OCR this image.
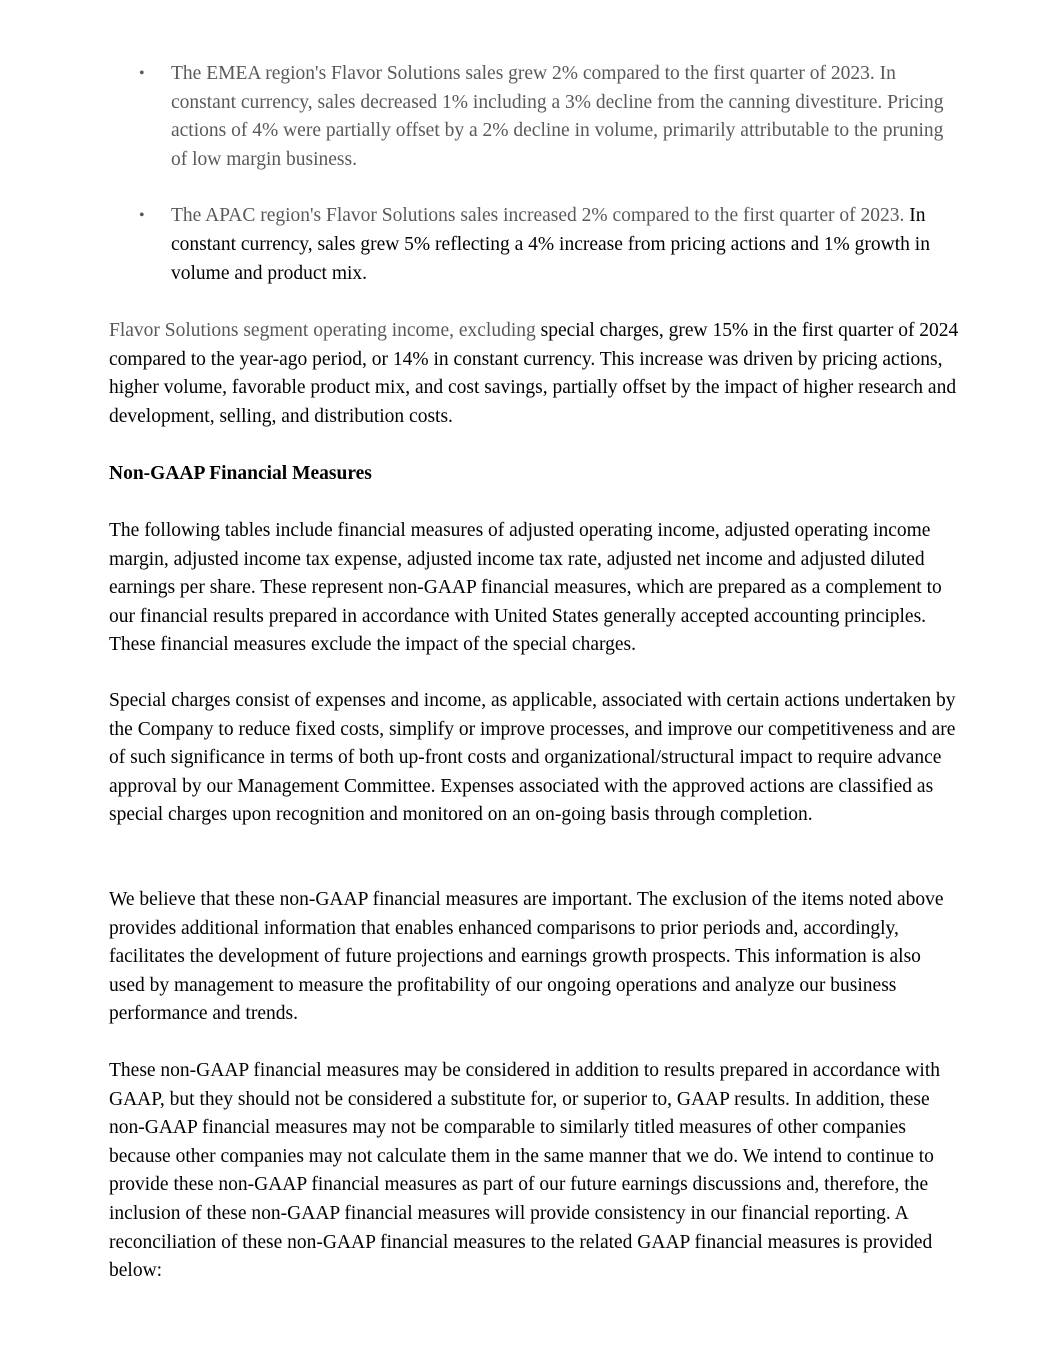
• The EMEA region's Flavor Solutions sales grew 2% compared to the first quarter of 2023. In constant currency, sales decreased 1% including a 3% decline from the canning divestiture. Pricing actions of 4% were partially offset by a 2% decline in volume, primarily attributable to the pruning of low margin business.
• The APAC region's Flavor Solutions sales increased 2% compared to the first quarter of 2023. In constant currency, sales grew 5% reflecting a 4% increase from pricing actions and 1% growth in volume and product mix.

Flavor Solutions segment operating income, excluding special charges, grew 15% in the first quarter of 2024 compared to the year-ago period, or 14% in constant currency. This increase was driven by pricing actions, higher volume, favorable product mix, and cost savings, partially offset by the impact of higher research and development, selling, and distribution costs.

Non-GAAP Financial Measures

The following tables include financial measures of adjusted operating income, adjusted operating income margin, adjusted income tax expense, adjusted income tax rate, adjusted net income and adjusted diluted earnings per share. These represent non-GAAP financial measures, which are prepared as a complement to our financial results prepared in accordance with United States generally accepted accounting principles. These financial measures exclude the impact of the special charges.

Special charges consist of expenses and income, as applicable, associated with certain actions undertaken by the Company to reduce fixed costs, simplify or improve processes, and improve our competitiveness and are of such significance in terms of both up-front costs and organizational/structural impact to require advance approval by our Management Committee. Expenses associated with the approved actions are classified as special charges upon recognition and monitored on an on-going basis through completion.

We believe that these non-GAAP financial measures are important. The exclusion of the items noted above provides additional information that enables enhanced comparisons to prior periods and, accordingly, facilitates the development of future projections and earnings growth prospects. This information is also used by management to measure the profitability of our ongoing operations and analyze our business performance and trends.

These non-GAAP financial measures may be considered in addition to results prepared in accordance with GAAP, but they should not be considered a substitute for, or superior to, GAAP results. In addition, these non-GAAP financial measures may not be comparable to similarly titled measures of other companies because other companies may not calculate them in the same manner that we do. We intend to continue to provide these non-GAAP financial measures as part of our future earnings discussions and, therefore, the inclusion of these non-GAAP financial measures will provide consistency in our financial reporting. A reconciliation of these non-GAAP financial measures to the related GAAP financial measures is provided below:
